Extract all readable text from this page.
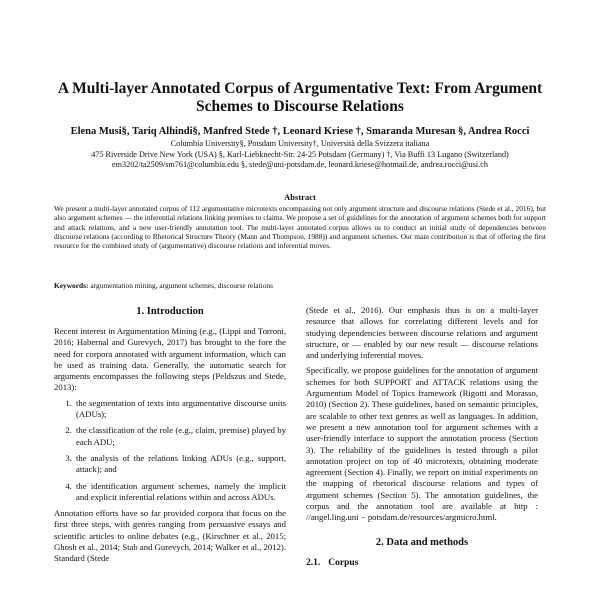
A Multi-layer Annotated Corpus of Argumentative Text: From Argument Schemes to Discourse Relations
Elena Musi§, Tariq Alhindi§, Manfred Stede †, Leonard Kriese †, Smaranda Muresan §, Andrea Rocci
Columbia University§, Potsdam University†, Università della Svizzera italiana
475 Riverside Drive New York (USA) §, Karl-Liebknecht-Str. 24-25 Potsdam (Germany) †, Via Buffi 13 Lugano (Switzerland)
em3202/ta2509/sm761@columbia.edu §, stede@uni-potsdam.de, leonard.kriese@hotmail.de, andrea.rocci@usi.ch
Abstract
We present a multi-layer annotated corpus of 112 argumentative microtexts encompassing not only argument structure and discourse relations (Stede et al., 2016), but also argument schemes — the inferential relations linking premises to claims. We propose a set of guidelines for the annotation of argument schemes both for support and attack relations, and a new user-friendly annotation tool. The multi-layer annotated corpus allows us to conduct an initial study of dependencies between discourse relations (according to Rhetorical Structure Theory (Mann and Thompson, 1988)) and argument schemes. Our main contribution is that of offering the first resource for the combined study of (argumentative) discourse relations and inferential moves.
Keywords: argumentation mining, argument schemes, discourse relations
1. Introduction

Recent interest in Argumentation Mining (e.g., (Lippi and Torroni, 2016; Habernal and Gurevych, 2017) has brought to the fore the need for corpora annotated with argument information, which can be used as training data. Generally, the automatic search for arguments encompasses the following steps (Peldszus and Stede, 2013):

1. the segmentation of texts into argumentative discourse units (ADUs);
2. the classification of the role (e.g., claim, premise) played by each ADU;
3. the analysis of the relations linking ADUs (e.g., support, attack); and
4. the identification argument schemes, namely the implicit and explicit inferential relations within and across ADUs.

Annotation efforts have so far provided corpora that focus on the first three steps, with genres ranging from persuasive essays and scientific articles to online debates (e.g., (Kirschner et al., 2015; Ghosh et al., 2014; Stab and Gurevych, 2014; Walker et al., 2012). Standard (Stede

(Stede et al., 2016). Our emphasis thus is on a multi-layer resource that allows for correlating different levels and for studying dependencies between discourse relations and argument structure, or — enabled by our new result — discourse relations and underlying inferential moves.

Specifically, we propose guidelines for the annotation of argument schemes for both SUPPORT and ATTACK relations using the Argumentum Model of Topics framework (Rigotti and Morasso, 2010) (Section 2). These guidelines, based on semantic principles, are scalable to other text genres as well as languages. In addition, we present a new annotation tool for argument schemes with a user-friendly interface to support the annotation process (Section 3). The reliability of the guidelines is tested through a pilot annotation project on top of 40 microtexts, obtaining moderate agreement (Section 4). Finally, we report on initial experiments on the mapping of rhetorical discourse relations and types of argument schemes (Section 5). The annotation guidelines, the corpus and the annotation tool are available at http : //angel.ling.uni − potsdam.de/resources/argmicro.html.

2. Data and methods
2.1. Corpus
